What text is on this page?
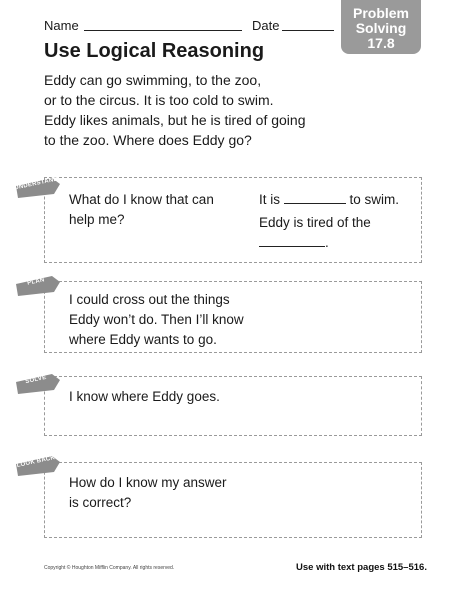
Name	Date
Problem
Solving
17.8
Use Logical Reasoning
Eddy can go swimming, to the zoo,
or to the circus. It is too cold to swim.
Eddy likes animals, but he is tired of going
to the zoo. Where does Eddy go?
What do I know that can
help me?
It is	to swim.
Eddy is tired of the
.
UNDERSTAND
I could cross out the things
Eddy won’t do. Then I’ll know
where Eddy wants to go.
PLAN
I know where Eddy goes.
SOLVE
How do I know my answer
is correct?
LOOK BACK
Copyright © Houghton Mifflin Company. All rights reserved.	Use with text pages 515–516.
